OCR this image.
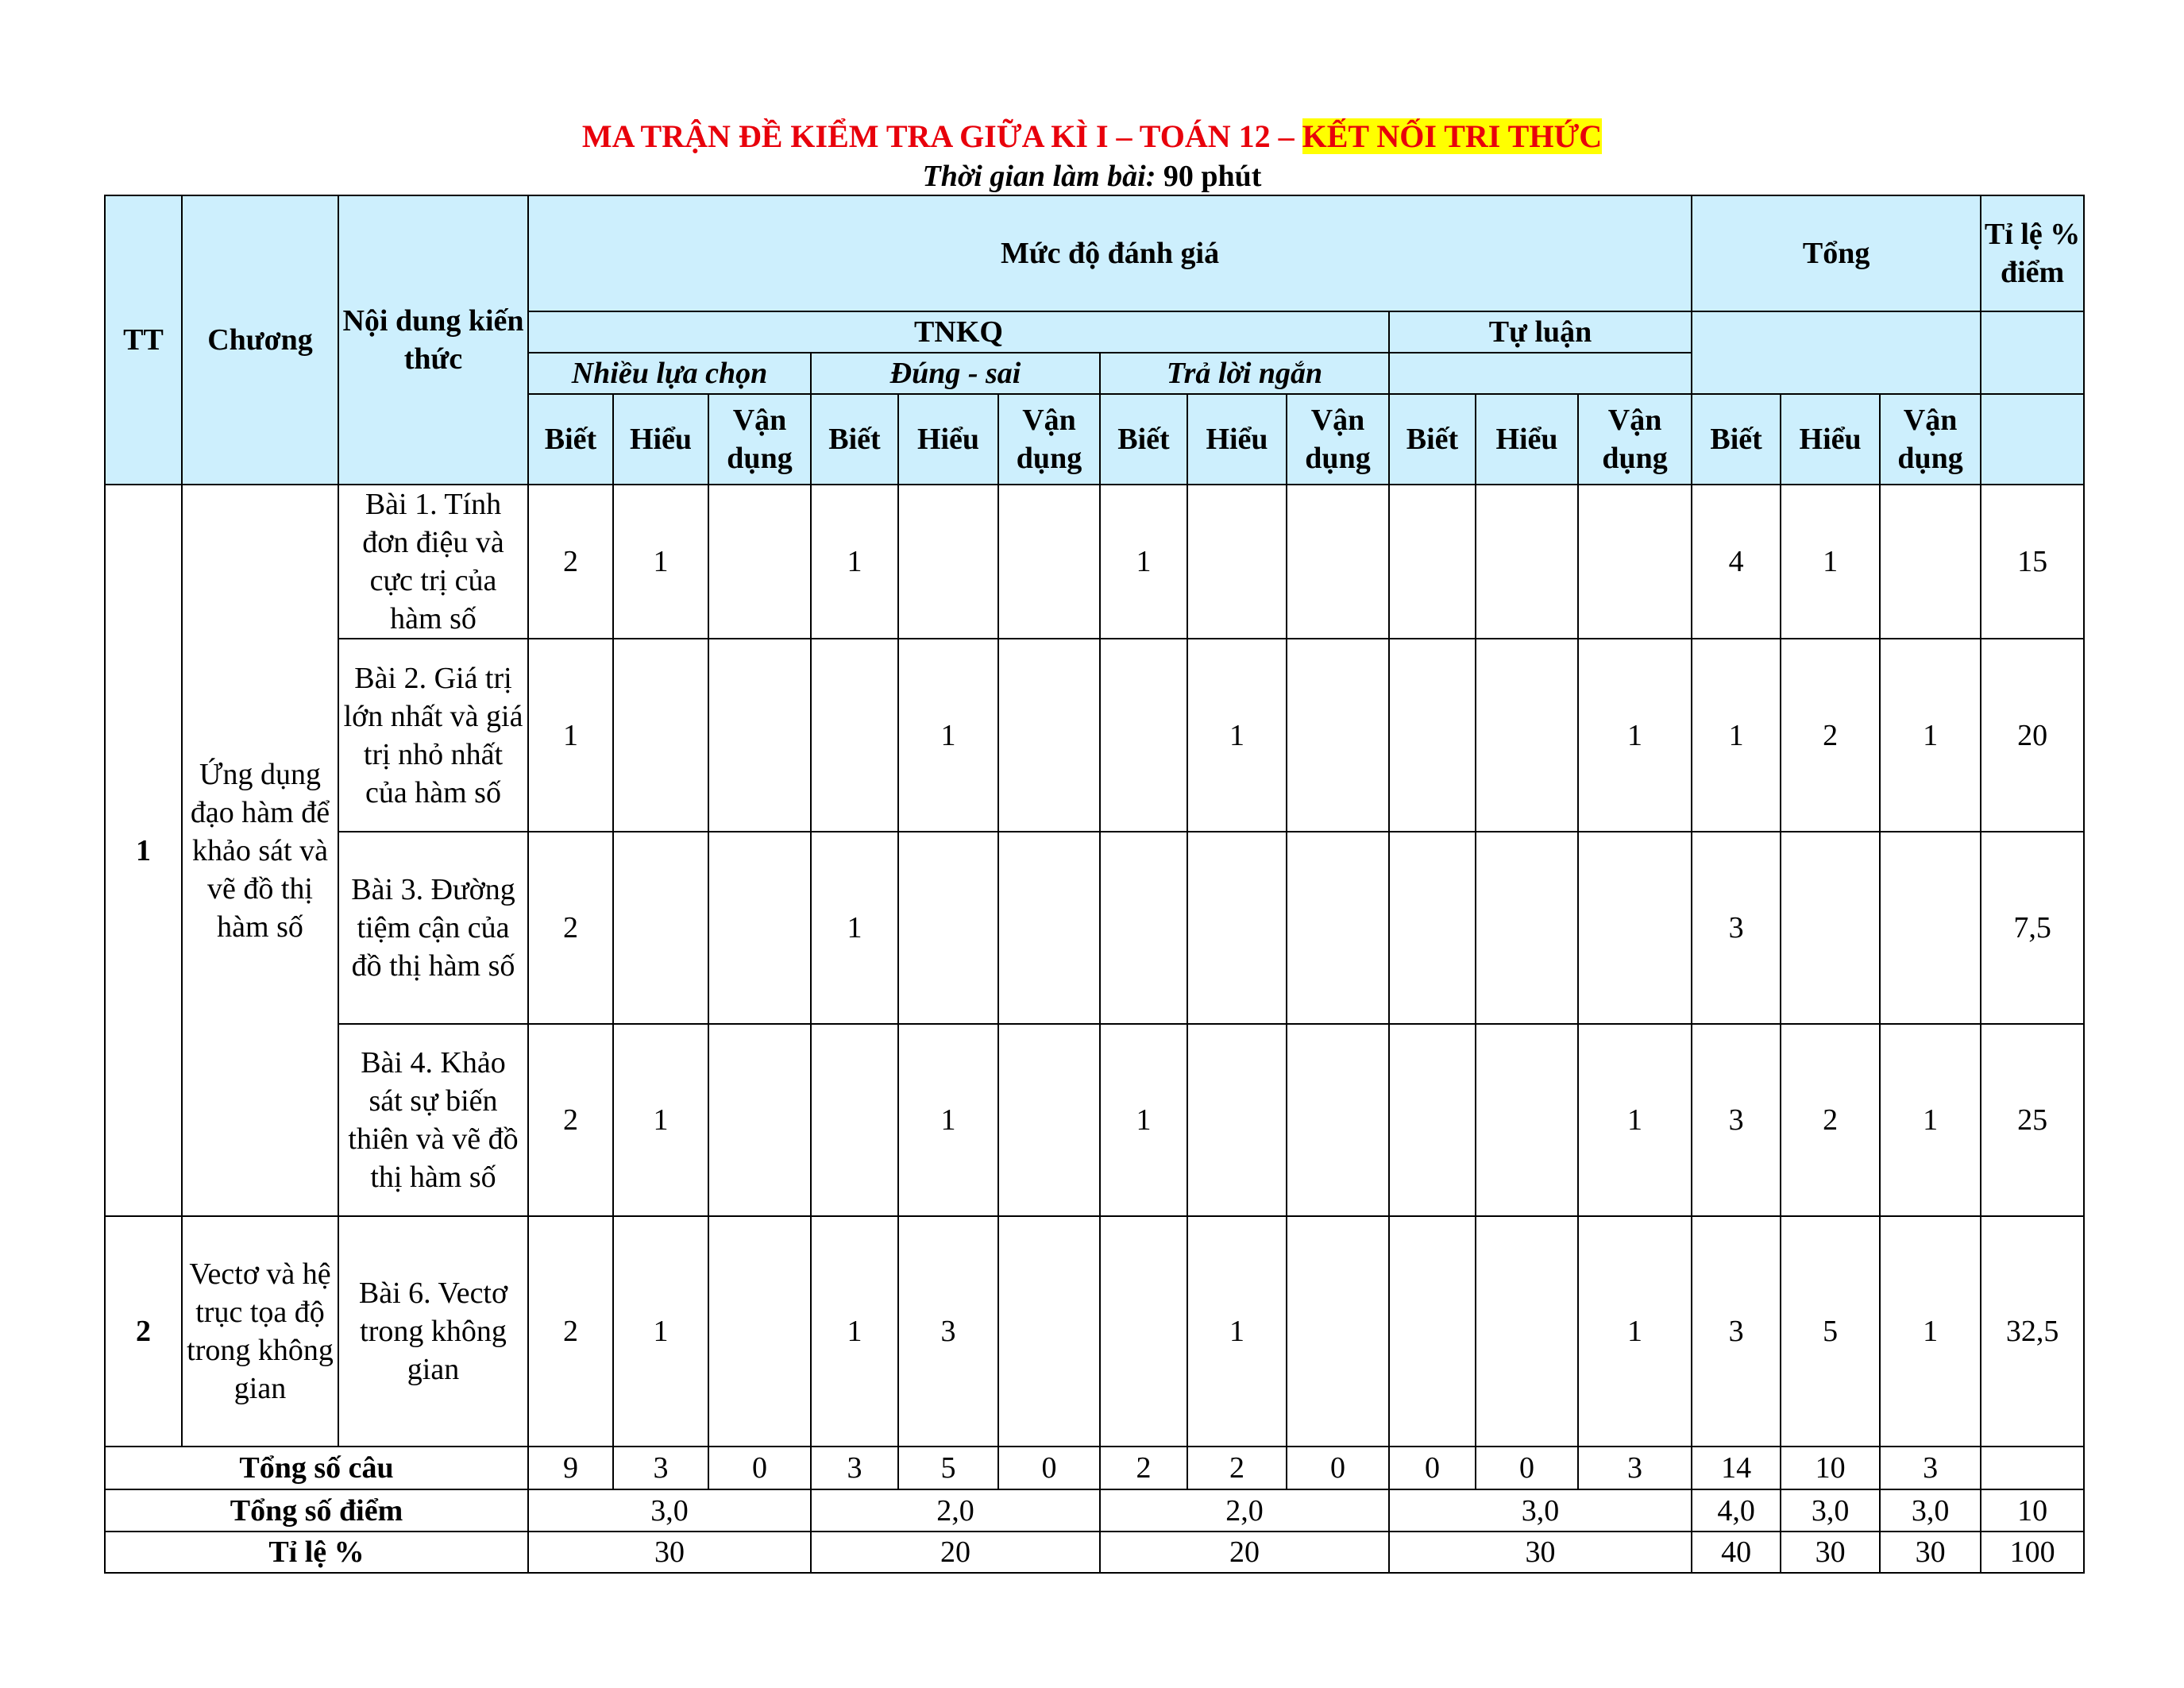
MA TRẬN ĐỀ KIỂM TRA GIỮA KÌ I – TOÁN 12 – KẾT NỐI TRI THỨC
Thời gian làm bài: 90 phút
TT	Chương	Nội dung kiến thức	Mức độ đánh giá												Tổng			Tỉ lệ % điểm
			TNKQ									Tự luận						
			Nhiều lựa chọn			Đúng - sai			Trả lời ngắn									
			Biết	Hiểu	Vận dụng	Biết	Hiểu	Vận dụng	Biết	Hiểu	Vận dụng	Biết	Hiểu	Vận dụng	Biết	Hiểu	Vận dụng	
1	Ứng dụng đạo hàm để khảo sát và vẽ đồ thị hàm số	Bài 1. Tính đơn điệu và cực trị của hàm số	2	1		1			1						4	1		15
		Bài 2. Giá trị lớn nhất và giá trị nhỏ nhất của hàm số	1				1			1				1	1	2	1	20
		Bài 3. Đường tiệm cận của đồ thị hàm số	2			1									3			7,5
		Bài 4. Khảo sát sự biến thiên và vẽ đồ thị hàm số	2	1			1		1					1	3	2	1	25
2	Vectơ và hệ trục tọa độ trong không gian	Bài 6. Vectơ trong không gian	2	1		1	3			1				1	3	5	1	32,5
Tổng số câu			9	3	0	3	5	0	2	2	0	0	0	3	14	10	3	
Tổng số điểm			3,0			2,0			2,0			3,0			4,0	3,0	3,0	10
Tỉ lệ %			30			20			20			30			40	30	30	100
